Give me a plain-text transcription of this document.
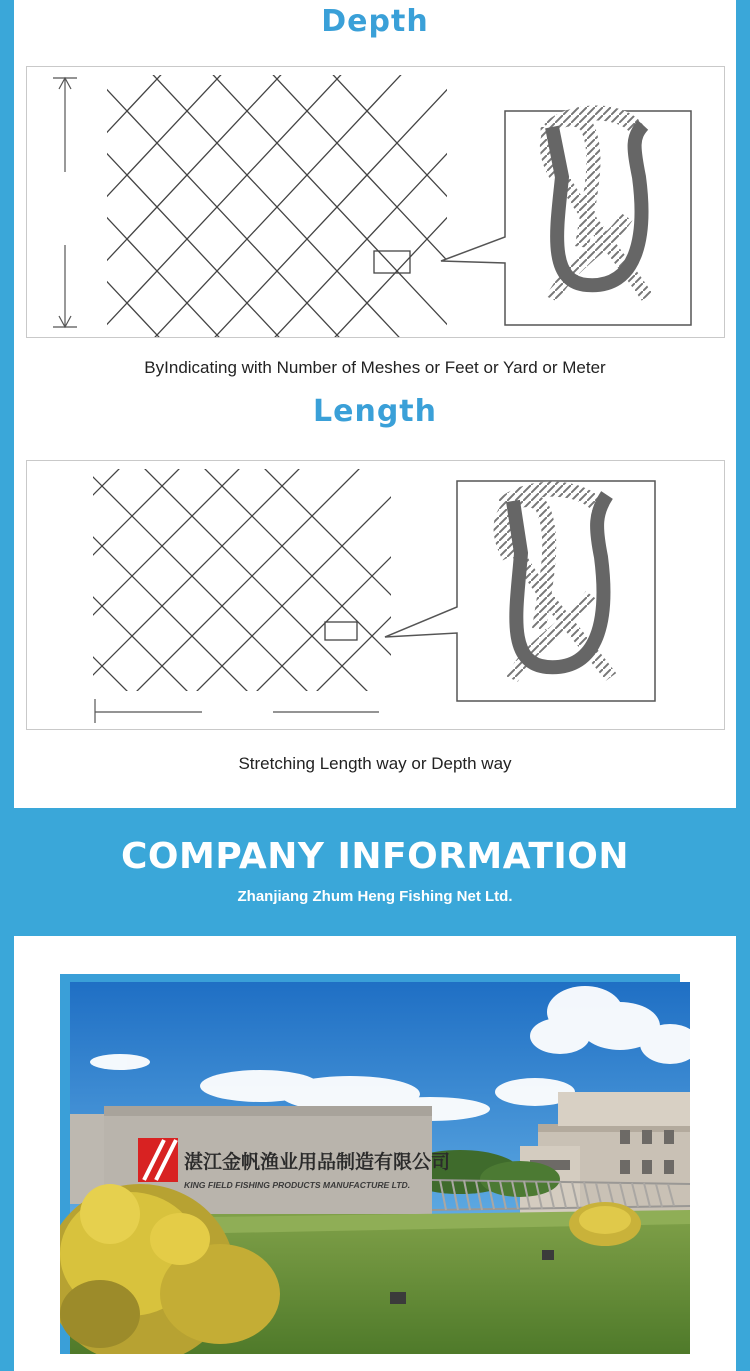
Depth
ByIndicating with Number of Meshes or Feet or Yard or Meter
Length
Stretching Length way or Depth way
COMPANY INFORMATION
Zhanjiang Zhum Heng Fishing Net Ltd.
湛江金帆渔业用品制造有限公司
KING FIELD FISHING PRODUCTS MANUFACTURE LTD.
